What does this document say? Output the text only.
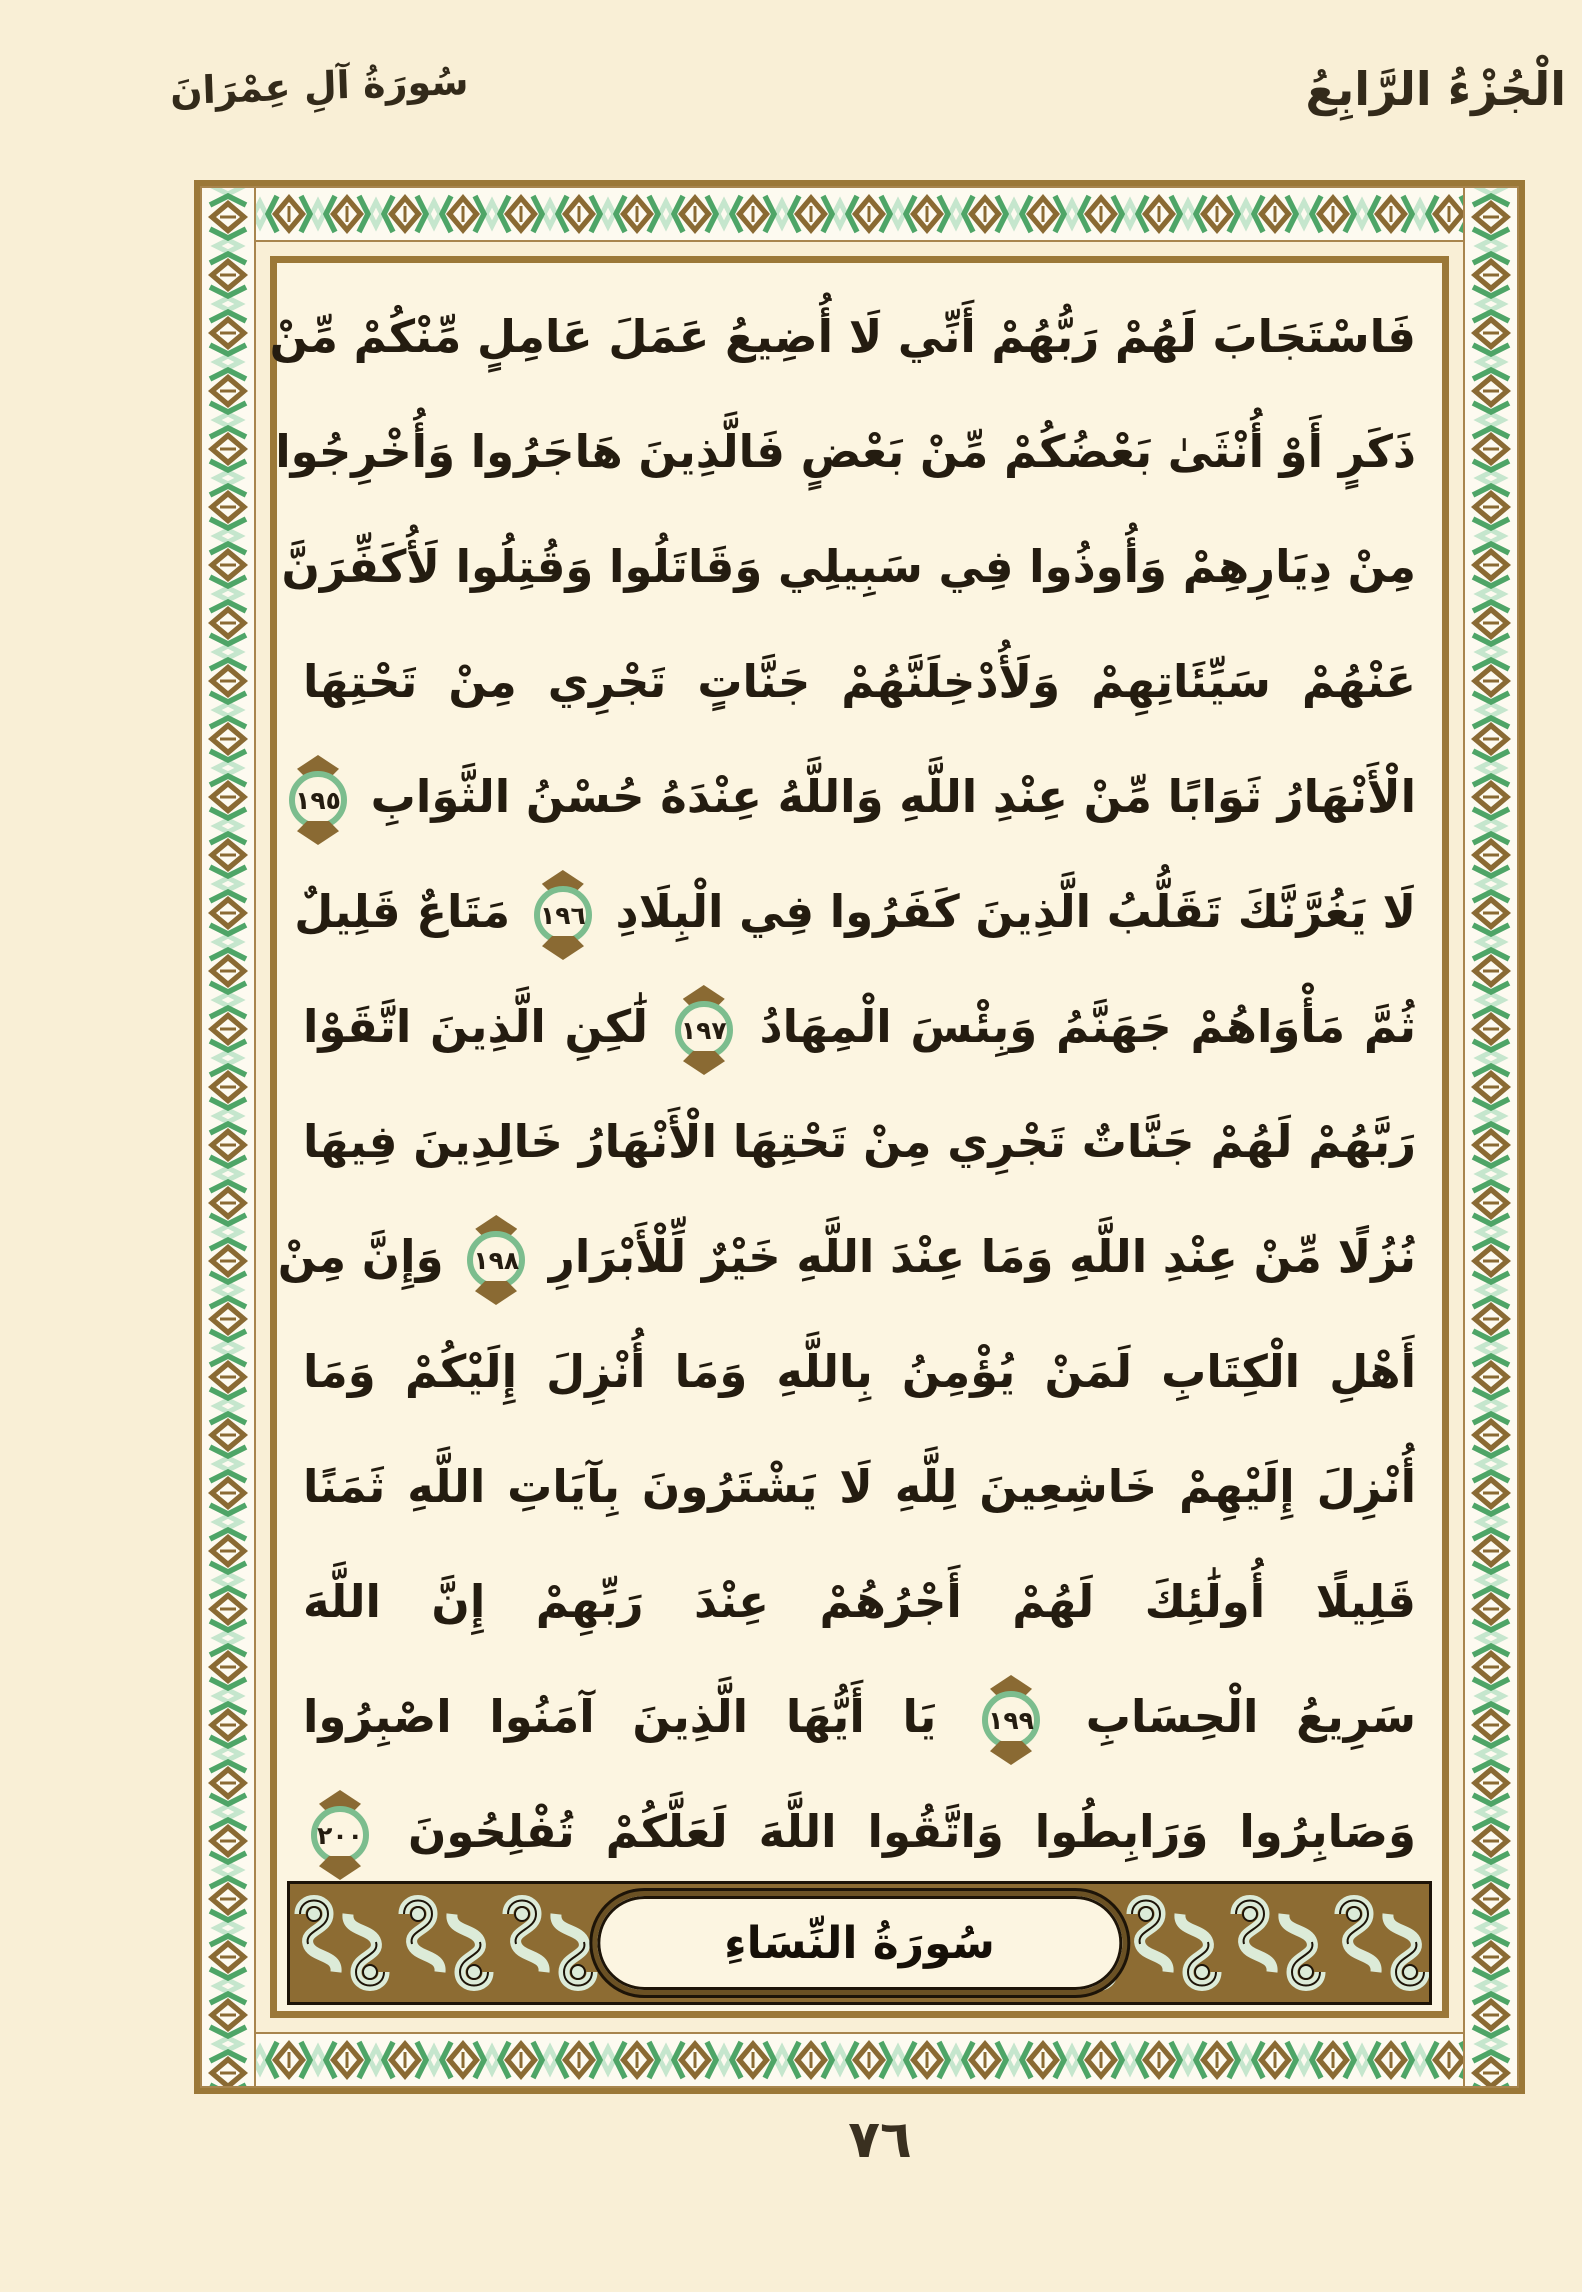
سُورَةُ آلِ عِمْرَانَ	الْجُزْءُ الرَّابِعُ
فَاسْتَجَابَ لَهُمْ رَبُّهُمْ أَنِّي لَا أُضِيعُ عَمَلَ عَامِلٍ مِّنْكُمْ مِّنْ
ذَكَرٍ أَوْ أُنْثَىٰ بَعْضُكُمْ مِّنْ بَعْضٍ فَالَّذِينَ هَاجَرُوا وَأُخْرِجُوا
مِنْ دِيَارِهِمْ وَأُوذُوا فِي سَبِيلِي وَقَاتَلُوا وَقُتِلُوا لَأُكَفِّرَنَّ
عَنْهُمْ سَيِّئَاتِهِمْ وَلَأُدْخِلَنَّهُمْ جَنَّاتٍ تَجْرِي مِنْ تَحْتِهَا
الْأَنْهَارُ ثَوَابًا مِّنْ عِنْدِ اللَّهِ وَاللَّهُ عِنْدَهُ حُسْنُ الثَّوَابِ
١٩٥
لَا يَغُرَّنَّكَ تَقَلُّبُ الَّذِينَ كَفَرُوا فِي الْبِلَادِ
١٩٦
مَتَاعٌ قَلِيلٌ
ثُمَّ مَأْوَاهُمْ جَهَنَّمُ وَبِئْسَ الْمِهَادُ
١٩٧
لَٰكِنِ الَّذِينَ اتَّقَوْا
رَبَّهُمْ لَهُمْ جَنَّاتٌ تَجْرِي مِنْ تَحْتِهَا الْأَنْهَارُ خَالِدِينَ فِيهَا
نُزُلًا مِّنْ عِنْدِ اللَّهِ وَمَا عِنْدَ اللَّهِ خَيْرٌ لِّلْأَبْرَارِ
١٩٨
وَإِنَّ مِنْ
أَهْلِ الْكِتَابِ لَمَنْ يُؤْمِنُ بِاللَّهِ وَمَا أُنْزِلَ إِلَيْكُمْ وَمَا
أُنْزِلَ إِلَيْهِمْ خَاشِعِينَ لِلَّهِ لَا يَشْتَرُونَ بِآيَاتِ اللَّهِ ثَمَنًا
قَلِيلًا أُولَٰئِكَ لَهُمْ أَجْرُهُمْ عِنْدَ رَبِّهِمْ إِنَّ اللَّهَ
سَرِيعُ الْحِسَابِ
١٩٩
يَا أَيُّهَا الَّذِينَ آمَنُوا اصْبِرُوا
وَصَابِرُوا وَرَابِطُوا وَاتَّقُوا اللَّهَ لَعَلَّكُمْ تُفْلِحُونَ
٢٠٠
سُورَةُ النِّسَاءِ
٧٦
